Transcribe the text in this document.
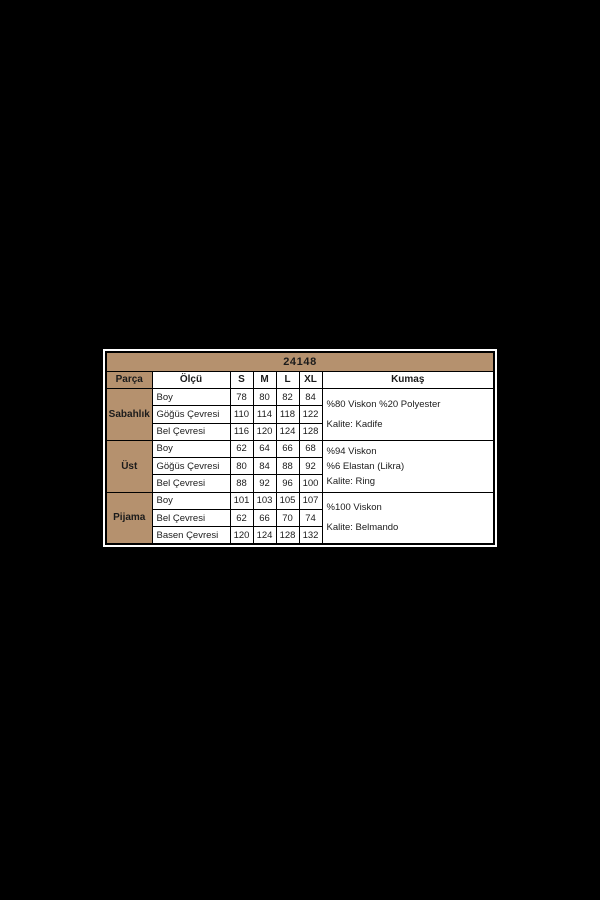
24148						
Parça	Ölçü	S	M	L	XL	Kumaş
Sabahlık	Boy	78	80	82	84	%80 Viskon %20 Polyester
Kalite: Kadife

	Göğüs Çevresi	110	114	118	122	
	Bel Çevresi	116	120	124	128	
Üst	Boy	62	64	66	68	%94 Viskon
%6 Elastan (Likra)
Kalite: Ring

	Göğüs Çevresi	80	84	88	92	
	Bel Çevresi	88	92	96	100	
Pijama	Boy	101	103	105	107	%100 Viskon
Kalite: Belmando

	Bel Çevresi	62	66	70	74	
	Basen Çevresi	120	124	128	132	
